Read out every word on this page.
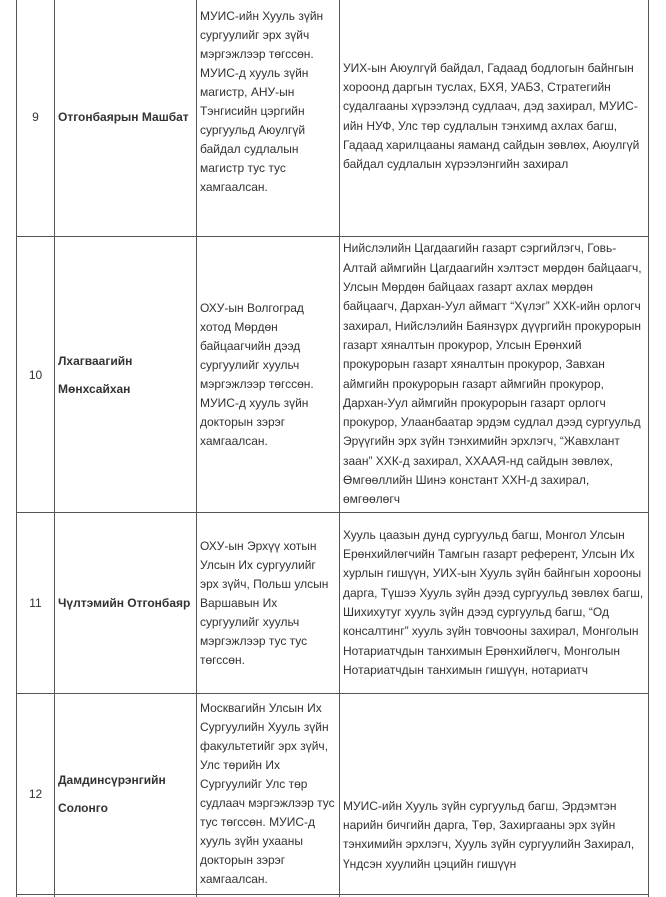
9 Отгонбаярын Машбат
МУИС-ийн Хууль зүйн сургуулийг эрх зүйч мэргэжлээр төгссөн. МУИС-д хууль зүйн магистр, АНУ-ын Тэнгисийн цэргийн сургуульд Аюулгүй байдал судлалын магистр тус тус хамгаалсан.
УИХ-ын Аюулгүй байдал, Гадаад бодлогын байнгын хороонд даргын туслах, БХЯ, УАБЗ, Стратегийн судалгааны хүрээлэнд судлаач, дэд захирал, МУИС-ийн НУФ, Улс төр судлалын тэнхимд ахлах багш, Гадаад харилцааны яаманд сайдын зөвлөх, Аюулгүй байдал судлалын хүрээлэнгийн захирал
10
Лхагваагийн Мөнхсайхан
ОХУ-ын Волгоград хотод Мөрдөн байцаагчийн дээд сургуулийг хуульч мэргэжлээр төгссөн. МУИС-д хууль зүйн докторын зэрэг хамгаалсан.
Нийслэлийн Цагдаагийн газарт сэргийлэгч, Говь-Алтай аймгийн Цагдаагийн хэлтэст мөрдөн байцаагч, Улсын Мөрдөн байцаах газарт ахлах мөрдөн байцаагч, Дархан-Уул аймагт “Хүлэг” ХХК-ийн орлогч захирал, Нийслэлийн Баянзүрх дүүргийн прокурорын газарт хяналтын прокурор, Улсын Ерөнхий прокурорын газарт хяналтын прокурор, Завхан аймгийн прокурорын газарт аймгийн прокурор, Дархан-Уул аймгийн прокурорын газарт орлогч прокурор, Улаанбаатар эрдэм судлал дээд сургуульд Эрүүгийн эрх зүйн тэнхимийн эрхлэгч, “Жавхлант заан” ХХК-д захирал, ХХААЯ-нд сайдын зөвлөх, Өмгөөллийн Шинэ констант ХХН-д захирал, өмгөөлөгч
11 Чүлтэмийн Отгонбаяр
ОХУ-ын Эрхүү хотын Улсын Их сургуулийг эрх зүйч, Польш улсын Варшавын Их сургуулийг хуульч мэргэжлээр тус тус төгссөн.
Хууль цаазын дунд сургуульд багш, Монгол Улсын Ерөнхийлөгчийн Тамгын газарт референт, Улсын Их хурлын гишүүн, УИХ-ын Хууль зүйн байнгын хорооны дарга, Түшээ Хууль зүйн дээд сургуульд зөвлөх багш, Шихихутуг хууль зүйн дээд сургуульд багш, “Од консалтинг” хууль зүйн товчооны захирал, Монголын Нотариатчдын танхимын Ерөнхийлөгч, Монголын Нотариатчдын танхимын гишүүн, нотариатч
12
Дамдинсүрэнгийн Солонго
Москвагийн Улсын Их Сургуулийн Хууль зүйн факультетийг эрх зүйч, Улс төрийн Их Сургуулийг Улс төр судлаач мэргэжлээр тус тус төгссөн. МУИС-д хууль зүйн ухааны докторын зэрэг хамгаалсан.
МУИС-ийн Хууль зүйн сургуульд багш, Эрдэмтэн нарийн бичгийн дарга, Төр, Захиргааны эрх зүйн тэнхимийн эрхлэгч, Хууль зүйн сургуулийн Захирал, Үндсэн хуулийн цэцийн гишүүн
